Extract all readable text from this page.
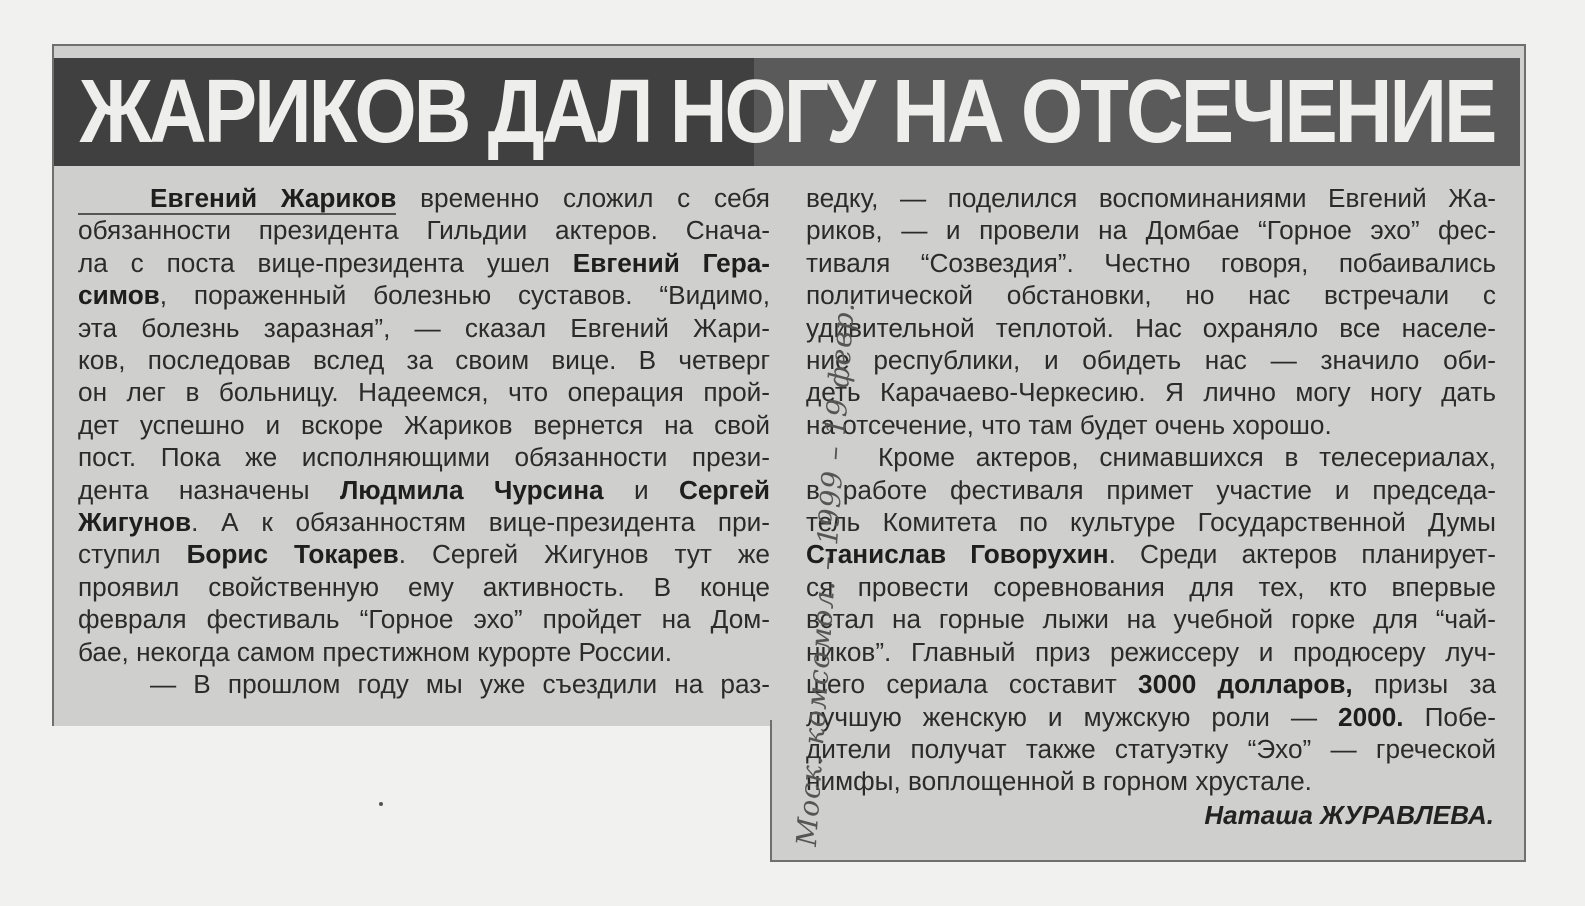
ЖАРИКОВ ДАЛ НОГУ НА ОТСЕЧЕНИЕ
Евгений Жариков временно сложил с себя
обязанности президента Гильдии актеров. Снача-
ла с поста вице-президента ушел Евгений Гера-
симов, пораженный болезнью суставов. “Видимо,
эта болезнь заразная”, — сказал Евгений Жари-
ков, последовав вслед за своим вице. В четверг
он лег в больницу. Надеемся, что операция прой-
дет успешно и вскоре Жариков вернется на свой
пост. Пока же исполняющими обязанности прези-
дента назначены Людмила Чурсина и Сергей
Жигунов. А к обязанностям вице-президента при-
ступил Борис Токарев. Сергей Жигунов тут же
проявил свойственную ему активность. В конце
февраля фестиваль “Горное эхо” пройдет на Дом-
бае, некогда самом престижном курорте России.
— В прошлом году мы уже съездили на раз-
ведку, — поделился воспоминаниями Евгений Жа-
риков, — и провели на Домбае “Горное эхо” фес-
тиваля “Созвездия”. Честно говоря, побаивались
политической обстановки, но нас встречали с
удивительной теплотой. Нас охраняло все населе-
ние республики, и обидеть нас — значило оби-
деть Карачаево-Черкесию. Я лично могу ногу дать
на отсечение, что там будет очень хорошо.
Кроме актеров, снимавшихся в телесериалах,
в работе фестиваля примет участие и председа-
тель Комитета по культуре Государственной Думы
Станислав Говорухин. Среди актеров планирует-
ся провести соревнования для тех, кто впервые
встал на горные лыжи на учебной горке для “чай-
ников”. Главный приз режиссеру и продюсеру луч-
шего сериала составит 3000 долларов, призы за
лучшую женскую и мужскую роли — 2000. Побе-
дители получат также статуэтку “Эхо” — греческой
нимфы, воплощенной в горном хрустале.
Наташа ЖУРАВЛЕВА.
Моск. комсомол. – 1999 – 19 февр.
